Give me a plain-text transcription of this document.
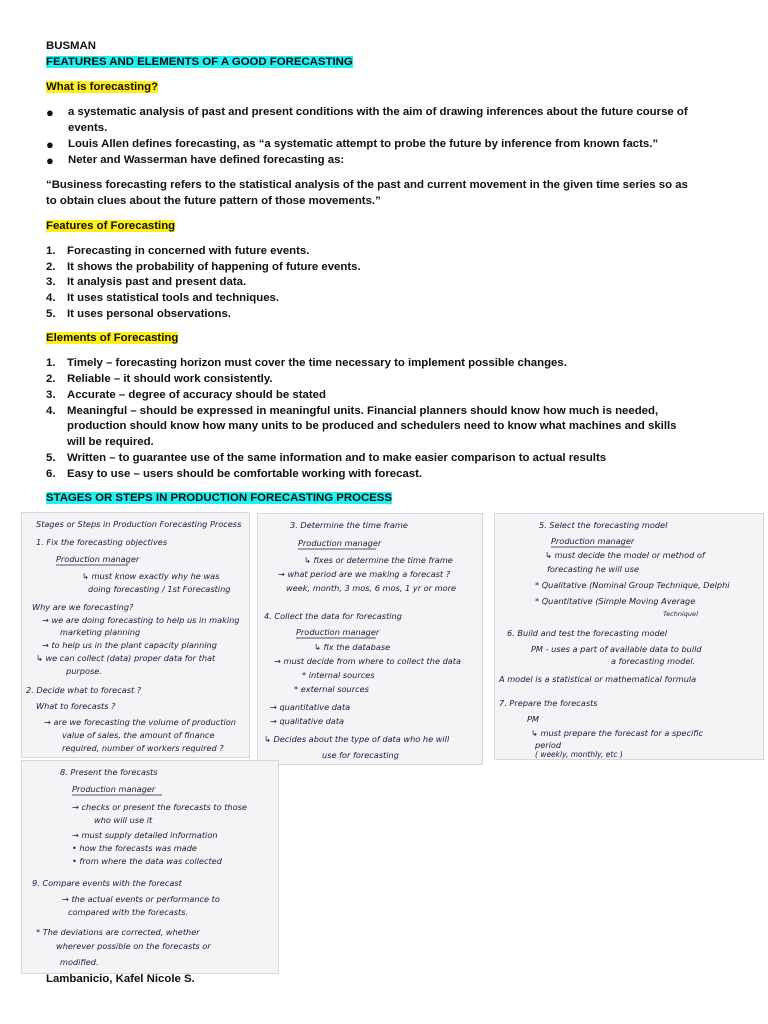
BUSMAN
FEATURES AND ELEMENTS OF A GOOD FORECASTING
What is forecasting?
● a systematic analysis of past and present conditions with the aim of drawing inferences about the future course of
events.
● Louis Allen defines forecasting, as “a systematic attempt to probe the future by inference from known facts.”
● Neter and Wasserman have defined forecasting as:
“Business forecasting refers to the statistical analysis of the past and current movement in the given time series so as
to obtain clues about the future pattern of those movements.”
Features of Forecasting
1. Forecasting in concerned with future events.
2. It shows the probability of happening of future events.
3. It analysis past and present data.
4. It uses statistical tools and techniques.
5. It uses personal observations.
Elements of Forecasting
1. Timely – forecasting horizon must cover the time necessary to implement possible changes.
2. Reliable – it should work consistently.
3. Accurate – degree of accuracy should be stated
4. Meaningful – should be expressed in meaningful units. Financial planners should know how much is needed,
production should know how many units to be produced and schedulers need to know what machines and skills
will be required.
5. Written – to guarantee use of the same information and to make easier comparison to actual results
6. Easy to use – users should be comfortable working with forecast.
STAGES OR STEPS IN PRODUCTION FORECASTING PROCESS
Stages or Steps in Production Forecasting Process
1. Fix the forecasting objectives
Production manager
↳ must know exactly why he was
doing forecasting / 1st Forecasting
Why are we forecasting?
→ we are doing forecasting to help us in making
marketing planning
→ to help us in the plant capacity planning
↳ we can collect (data) proper data for that
purpose.
2. Decide what to forecast ?
What to forecasts ?
→ are we forecasting the volume of production
value of sales, the amount of finance
required, number of workers required ?
3. Determine the time frame
Production manager
↳ fixes or determine the time frame
→ what period are we making a forecast ?
week, month, 3 mos, 6 mos, 1 yr or more
4. Collect the data for forecasting
Production manager
↳ fix the database
→ must decide from where to collect the data
* internal sources
* external sources
→ quantitative data
→ qualitative data
↳ Decides about the type of data who he will
use for forecasting
5. Select the forecasting model
Production manager
↳ must decide the model or method of
forecasting he will use
* Qualitative (Nominal Group Technique, Delphi
* Quantitative (Simple Moving Average
Technique)
6. Build and test the forecasting model
PM - uses a part of available data to build
a forecasting model.
A model is a statistical or mathematical formula
7. Prepare the forecasts
PM
↳ must prepare the forecast for a specific
period
( weekly, monthly, etc )
8. Present the forecasts
Production manager
→ checks or present the forecasts to those
who will use it
→ must supply detailed information
• how the forecasts was made
• from where the data was collected
9. Compare events with the forecast
→ the actual events or performance to
compared with the forecasts.
* The deviations are corrected, whether
wherever possible on the forecasts or
modified.
Lambanicio, Kafel Nicole S.
